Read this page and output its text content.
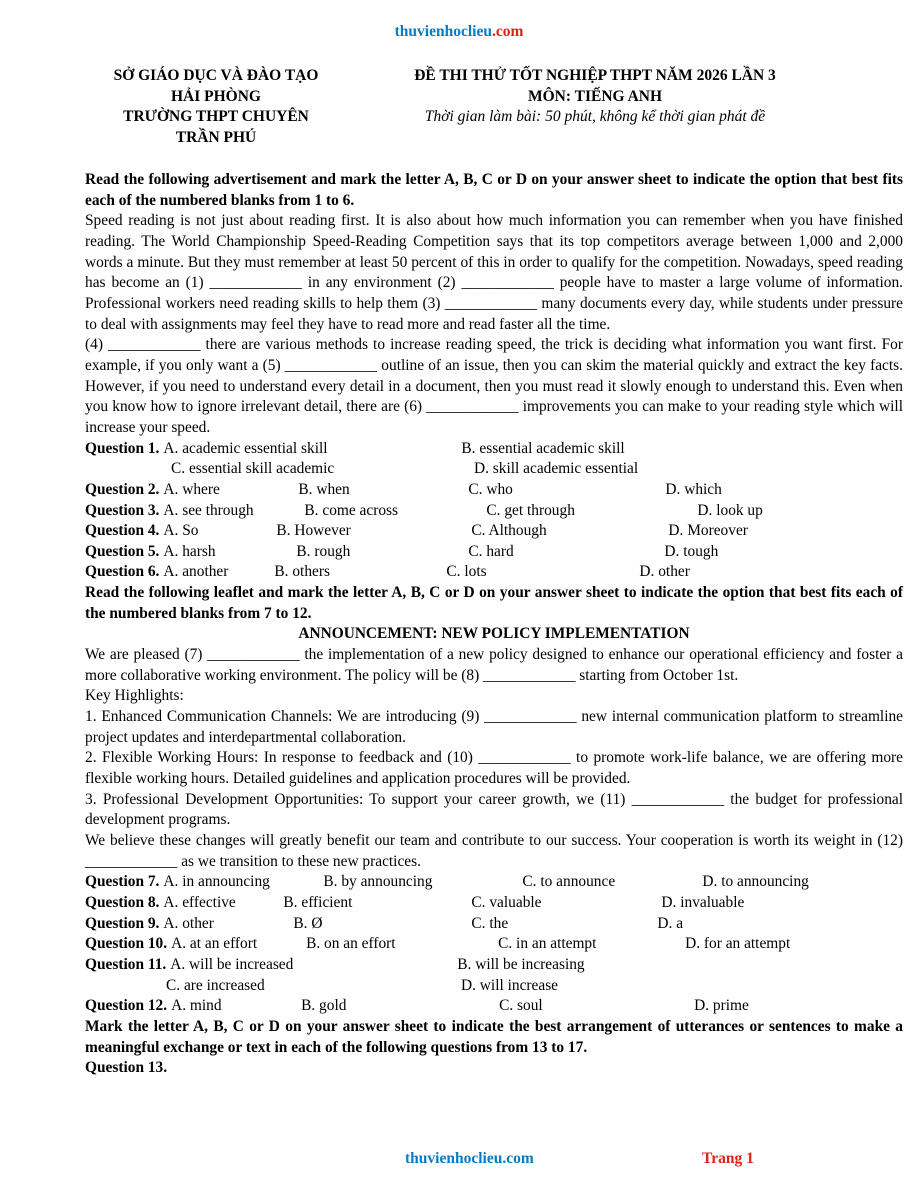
thuvienhoclieu.com
SỞ GIÁO DỤC VÀ ĐÀO TẠO
HẢI PHÒNG
TRƯỜNG THPT CHUYÊN
TRẦN PHÚ
ĐỀ THI THỬ TỐT NGHIỆP THPT NĂM 2026 LẦN 3
MÔN: TIẾNG ANH
Thời gian làm bài: 50 phút, không kể thời gian phát đề

Read the following advertisement and mark the letter A, B, C or D on your answer sheet to indicate the option that best fits each of the numbered blanks from 1 to 6.

Speed reading is not just about reading first. It is also about how much information you can remember when you have finished reading. The World Championship Speed-Reading Competition says that its top competitors average between 1,000 and 2,000 words a minute. But they must remember at least 50 percent of this in order to qualify for the competition. Nowadays, speed reading has become an (1) ____________ in any environment (2) ____________ people have to master a large volume of information. Professional workers need reading skills to help them (3) ____________ many documents every day, while students under pressure to deal with assignments may feel they have to read more and read faster all the time.

(4) ____________ there are various methods to increase reading speed, the trick is deciding what information you want first. For example, if you only want a (5) ____________ outline of an issue, then you can skim the material quickly and extract the key facts. However, if you need to understand every detail in a document, then you must read it slowly enough to understand this. Even when you know how to ignore irrelevant detail, there are (6) ____________ improvements you can make to your reading style which will increase your speed.

Question 1. A. academic essential skill	B. essential academic skill
C. essential skill academic	D. skill academic essential
Question 2. A. where	B. when	C. who	D. which
Question 3. A. see through	B. come across	C. get through	D. look up
Question 4. A. So	B. However	C. Although	D. Moreover
Question 5. A. harsh	B. rough	C. hard	D. tough
Question 6. A. another	B. others	C. lots	D. other

Read the following leaflet and mark the letter A, B, C or D on your answer sheet to indicate the option that best fits each of the numbered blanks from 7 to 12.

ANNOUNCEMENT: NEW POLICY IMPLEMENTATION

We are pleased (7) ____________ the implementation of a new policy designed to enhance our operational efficiency and foster a more collaborative working environment. The policy will be (8) ____________ starting from October 1st.

Key Highlights:

1. Enhanced Communication Channels: We are introducing (9) ____________ new internal communication platform to streamline project updates and interdepartmental collaboration.

2. Flexible Working Hours: In response to feedback and (10) ____________ to promote work-life balance, we are offering more flexible working hours. Detailed guidelines and application procedures will be provided.

3. Professional Development Opportunities: To support your career growth, we (11) ____________ the budget for professional development programs.

We believe these changes will greatly benefit our team and contribute to our success. Your cooperation is worth its weight in (12) ____________ as we transition to these new practices.

Question 7. A. in announcing	B. by announcing	C. to announce	D. to announcing
Question 8. A. effective	B. efficient	C. valuable	D. invaluable
Question 9. A. other	B. Ø	C. the	D. a
Question 10. A. at an effort	B. on an effort	C. in an attempt	D. for an attempt
Question 11. A. will be increased	B. will be increasing
C. are increased	D. will increase
Question 12. A. mind	B. gold	C. soul	D. prime

Mark the letter A, B, C or D on your answer sheet to indicate the best arrangement of utterances or sentences to make a meaningful exchange or text in each of the following questions from 13 to 17.

Question 13.

thuvienhoclieu.com	Trang 1
